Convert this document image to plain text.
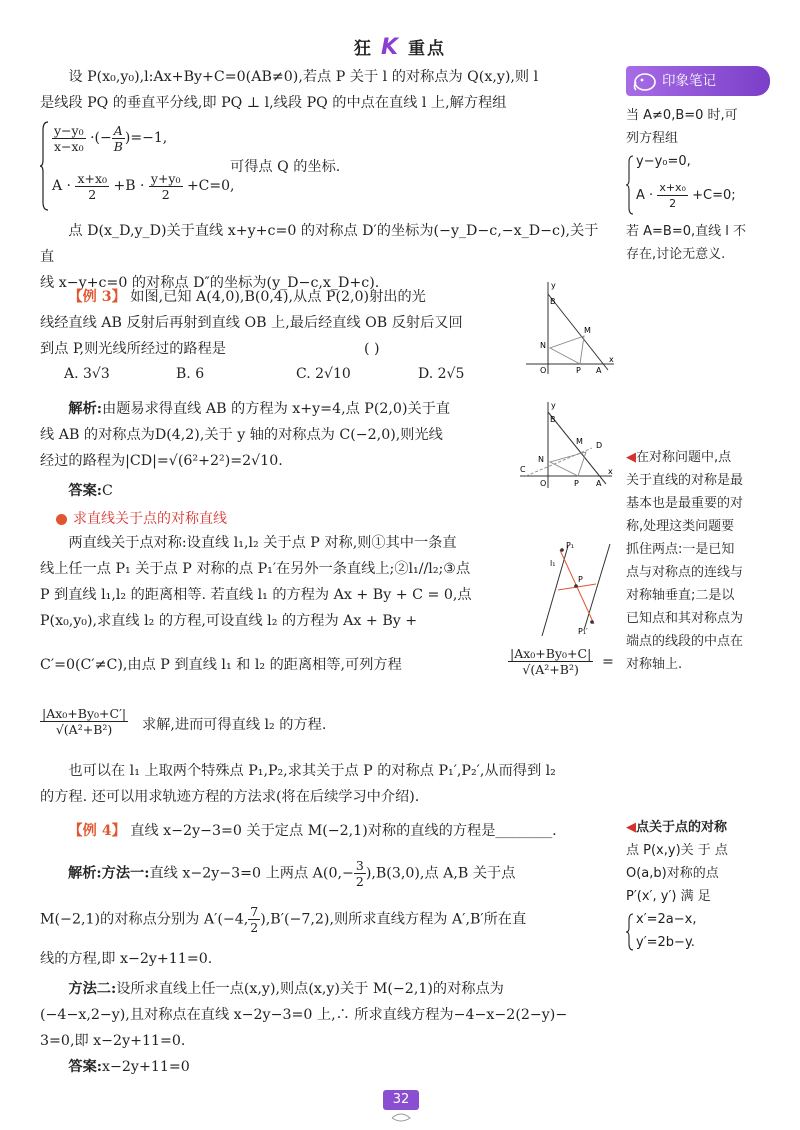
狂 K 重点
印象笔记

设 P(x₀,y₀),l:Ax+By+C=0(AB≠0),若点 P 关于 l 的对称点为 Q(x,y),则 l

是线段 PQ 的垂直平分线,即 PQ ⊥ l,线段 PQ 的中点在直线 l 上,解方程组

$\frac{\text{y−y₀}}{\text{x−x₀}}$ ·(− $\frac{A}{B} )=-1$,
$A \cdot \frac{\text{x+x₀}}{2} +B \cdot \frac{\text{y+y₀}}{2} +C=0$,
可得点 Q 的坐标.

点 D(x_D,y_D)关于直线 x+y+c=0 的对称点 D′的坐标为(−y_D−c,−x_D−c),关于直

线 x−y+c=0 的对称点 D″的坐标为(y_D−c,x_D+c).

【例 3】 如图,已知 A(4,0),B(0,4),从点 P(2,0)射出的光

线经直线 AB 反射后再射到直线 OB 上,最后经直线 OB 反射后又回

到点 P,则光线所经过的路程是	( )

A. 3√3	B. 6	C. 2√10	D. 2√5

解析:由题易求得直线 AB 的方程为 x+y=4,点 P(2,0)关于直

线 AB 的对称点为D(4,2),关于 y 轴的对称点为 C(−2,0),则光线

经过的路程为|CD|=√(6²+2²)=2√10.

答案:C

y
x
B
M
N
O	P A
y
x
B
M D
N
C
O	P A
求直线关于点的对称直线

两直线关于点对称:设直线 l₁,l₂ 关于点 P 对称,则①其中一条直

线上任一点 P₁ 关于点 P 对称的点 P₁′在另外一条直线上;②l₁//l₂;③点

P 到直线 l₁,l₂ 的距离相等. 若直线 l₁ 的方程为 Ax + By + C = 0,点

P(x₀,y₀),求直线 l₂ 的方程,可设直线 l₂ 的方程为 Ax + By +

C′=0(C′≠C),由点 P 到直线 l₁ 和 l₂ 的距离相等,可列方程	$\frac{\text{|Ax₀+By₀+C|}}{\text{√(A²+B²)}}$ =
$\frac{\text{|Ax₀+By₀+C′|}}{\text{√(A²+B²)}}$ 求解,进而可得直线 l₂ 的方程.
P₁
l₁
P
P₁′

也可以在 l₁ 上取两个特殊点 P₁,P₂,求其关于点 P 的对称点 P₁′,P₂′,从而得到 l₂

的方程. 还可以用求轨迹方程的方法求(将在后续学习中介绍).

【例 4】 直线 x−2y−3=0 关于定点 M(−2,1)对称的直线的方程是________.

解析:方法一:直线 x−2y−3=0 上两点 $A(0,- \frac{3}{2} ),B(3,0)$,点 A,B 关于点
M(−2,1)的对称点分别为 A′(−4, $\frac{7}{2} ),B'(-7,2)$,则所求直线方程为 A′,B′所在直
线的方程,即 x−2y+11=0.

方法二:设所求直线上任一点(x,y),则点(x,y)关于 M(−2,1)的对称点为

(−4−x,2−y),且对称点在直线 x−2y−3=0 上,∴ 所求直线方程为−4−x−2(2−y)−

3=0,即 x−2y+11=0.

答案:x−2y+11=0

当 A≠0,B=0 时,可
列方程组
y−y₀=0,
$A \cdot \frac{\text{x+x₀}}{2} +C=0$;
若 A=B=0,直线 l 不
存在,讨论无意义.
◀在对称问题中,点
关于直线的对称是最
基本也是最重要的对
称,处理这类问题要
抓住两点:一是已知
点与对称点的连线与
对称轴垂直;二是以
已知点和其对称点为
端点的线段的中点在
对称轴上.
◀点关于点的对称
点 P(x,y)关 于 点
O(a,b)对称的点
P′(x′, y′) 满 足
x′=2a−x,
y′=2b−y.
32
